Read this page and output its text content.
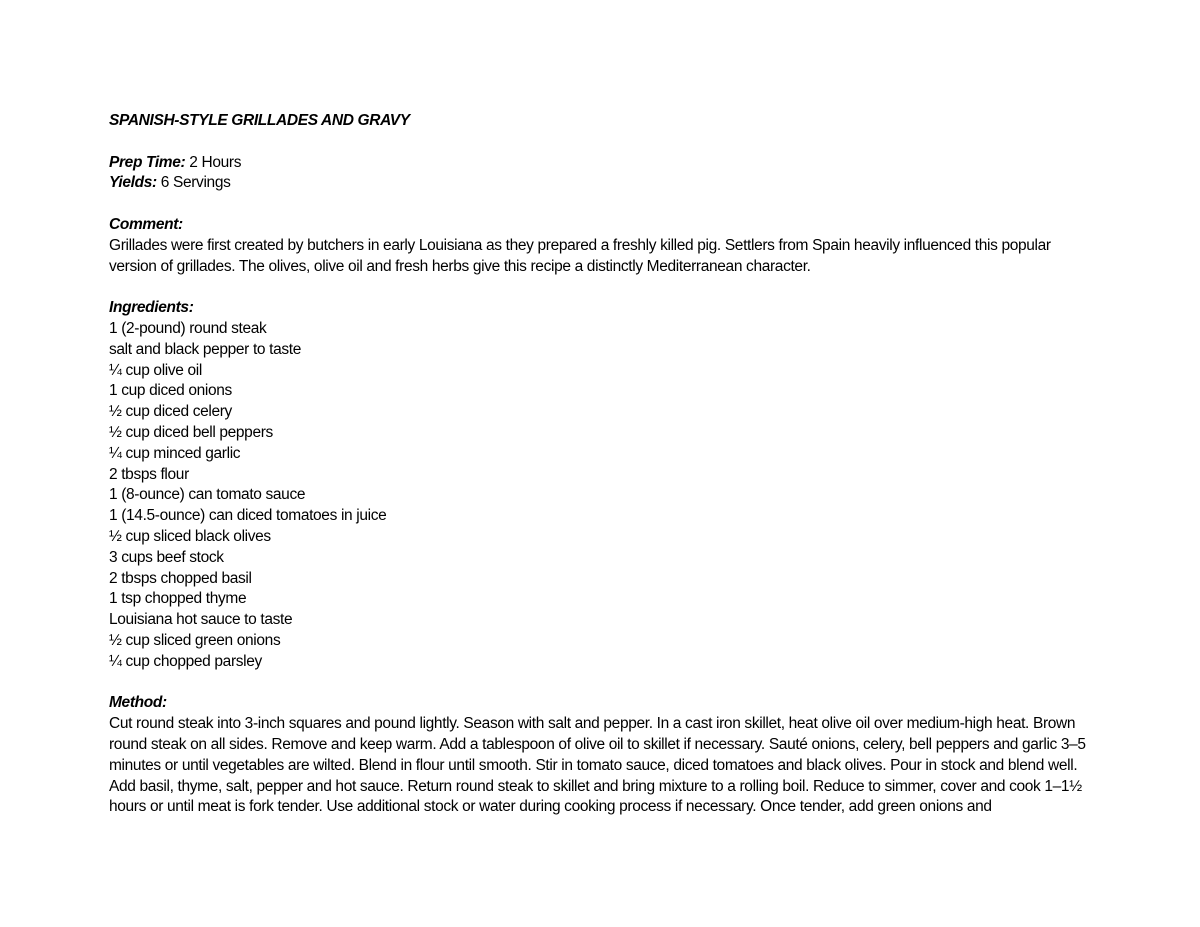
SPANISH-STYLE GRILLADES AND GRAVY

Prep Time: 2 Hours

Yields: 6 Servings

Comment:

Grillades were first created by butchers in early Louisiana as they prepared a freshly killed pig. Settlers from Spain heavily influenced this popular version of grillades. The olives, olive oil and fresh herbs give this recipe a distinctly Mediterranean character.

Ingredients:

1 (2-pound) round steak
salt and black pepper to taste
¼ cup olive oil
1 cup diced onions
½ cup diced celery
½ cup diced bell peppers
¼ cup minced garlic
2 tbsps flour
1 (8-ounce) can tomato sauce
1 (14.5-ounce) can diced tomatoes in juice
½ cup sliced black olives
3 cups beef stock
2 tbsps chopped basil
1 tsp chopped thyme
Louisiana hot sauce to taste
½ cup sliced green onions
¼ cup chopped parsley

Method:

Cut round steak into 3-inch squares and pound lightly. Season with salt and pepper. In a cast iron skillet, heat olive oil over medium-high heat. Brown round steak on all sides. Remove and keep warm. Add a tablespoon of olive oil to skillet if necessary. Sauté onions, celery, bell peppers and garlic 3–5 minutes or until vegetables are wilted. Blend in flour until smooth. Stir in tomato sauce, diced tomatoes and black olives. Pour in stock and blend well. Add basil, thyme, salt, pepper and hot sauce. Return round steak to skillet and bring mixture to a rolling boil. Reduce to simmer, cover and cook 1–1½ hours or until meat is fork tender. Use additional stock or water during cooking process if necessary. Once tender, add green onions and
